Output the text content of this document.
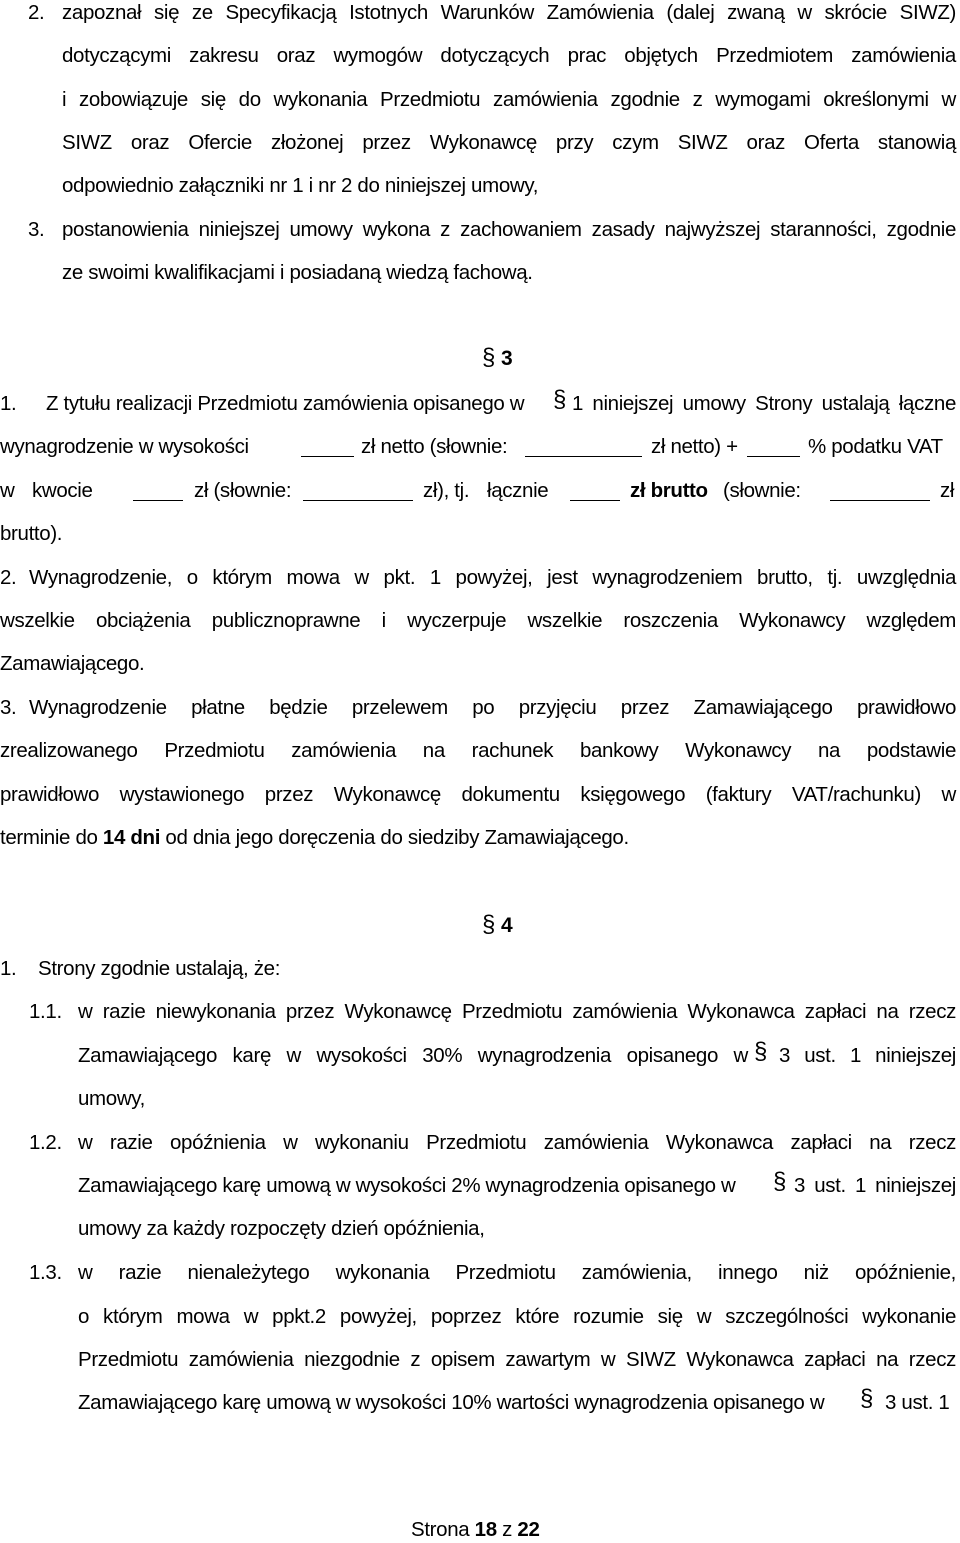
2. zapoznał się ze Specyfikacją Istotnych Warunków Zamówienia (dalej zwaną w skrócie SIWZ)
dotyczącymi zakresu oraz wymogów dotyczących prac objętych Przedmiotem zamówienia
i zobowiązuje się do wykonania Przedmiotu zamówienia zgodnie z wymogami określonymi w
SIWZ oraz Ofercie złożonej przez Wykonawcę przy czym SIWZ oraz Oferta stanowią
odpowiednio załączniki nr 1 i nr 2 do niniejszej umowy,
3. postanowienia niniejszej umowy wykona z zachowaniem zasady najwyższej staranności, zgodnie
ze swoimi kwalifikacjami i posiadaną wiedzą fachową.
§ 3
1. Z tytułu realizacji Przedmiotu zamówienia opisanego w § 1 niniejszej umowy Strony ustalają łączne
wynagrodzenie w wysokości	zł netto (słownie:	zł netto) +	% podatku VAT
w kwocie	zł (słownie:	zł), tj. łącznie	zł brutto (słownie:	zł
brutto).
2. Wynagrodzenie, o którym mowa w pkt. 1 powyżej, jest wynagrodzeniem brutto, tj. uwzględnia
wszelkie obciążenia publicznoprawne i wyczerpuje wszelkie roszczenia Wykonawcy względem
Zamawiającego.
3. Wynagrodzenie płatne będzie przelewem po przyjęciu przez Zamawiającego prawidłowo
zrealizowanego Przedmiotu zamówienia na rachunek bankowy Wykonawcy na podstawie
prawidłowo wystawionego przez Wykonawcę dokumentu księgowego (faktury VAT/rachunku) w
terminie do 14 dni od dnia jego doręczenia do siedziby Zamawiającego.
§ 4
1. Strony zgodnie ustalają, że:
1.1. w razie niewykonania przez Wykonawcę Przedmiotu zamówienia Wykonawca zapłaci na rzecz
Zamawiającego karę w wysokości 30% wynagrodzenia opisanego w § 3 ust. 1 niniejszej
umowy,
1.2. w razie opóźnienia w wykonaniu Przedmiotu zamówienia Wykonawca zapłaci na rzecz
Zamawiającego karę umową w wysokości 2% wynagrodzenia opisanego w	§ 3 ust. 1 niniejszej
umowy za każdy rozpoczęty dzień opóźnienia,
1.3. w razie nienależytego wykonania Przedmiotu zamówienia, innego niż opóźnienie,
o którym mowa w ppkt.2 powyżej, poprzez które rozumie się w szczególności wykonanie
Przedmiotu zamówienia niezgodnie z opisem zawartym w SIWZ Wykonawca zapłaci na rzecz
Zamawiającego karę umową w wysokości 10% wartości wynagrodzenia opisanego w	§ 3 ust. 1
Strona 18 z 22
